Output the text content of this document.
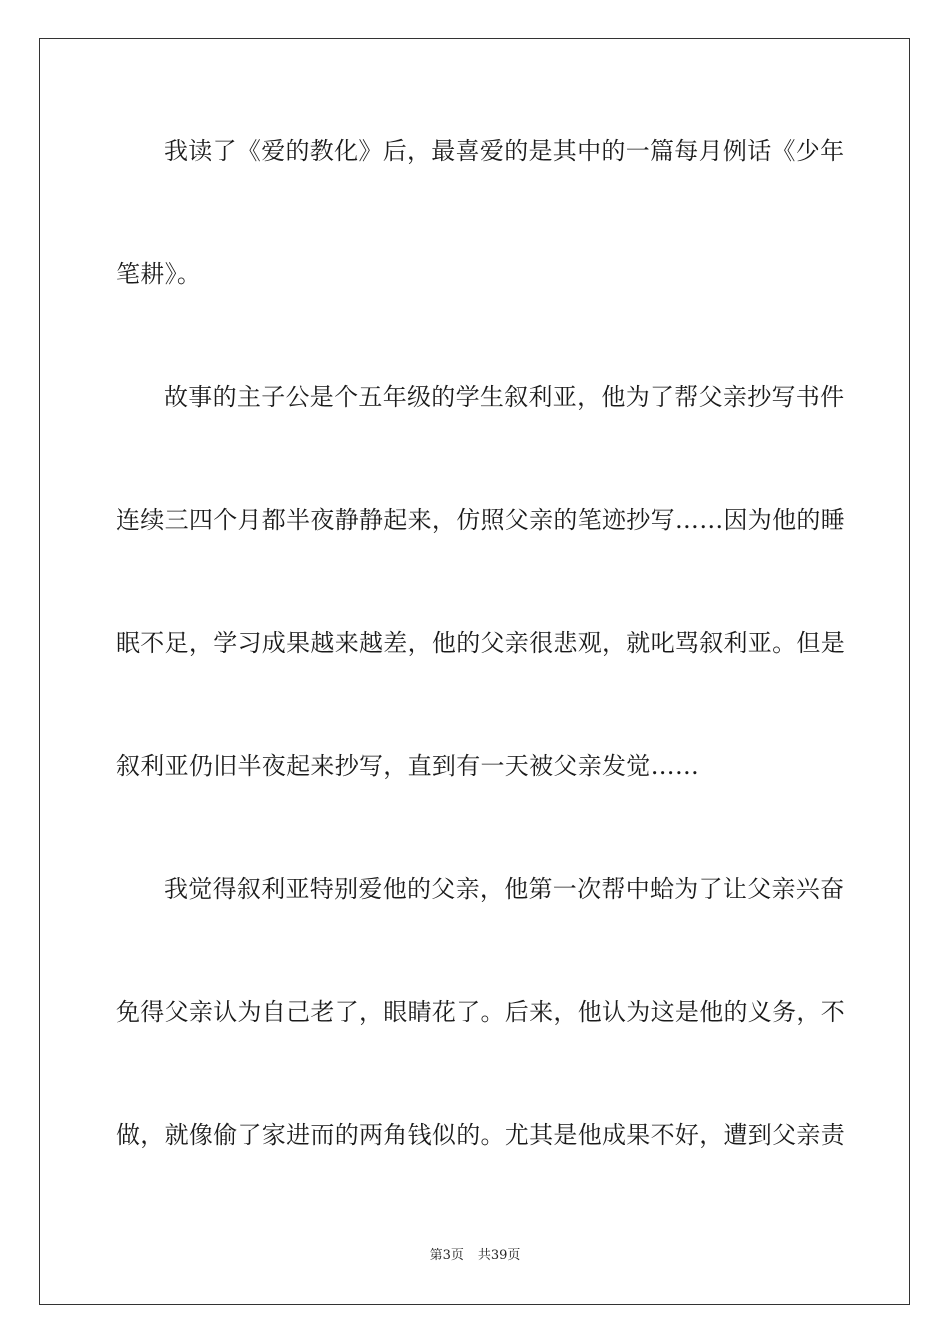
我读了《爱的教化》后，最喜爱的是其中的一篇每月例话《少年
笔耕》。
故事的主子公是个五年级的学生叙利亚，他为了帮父亲抄写书件
连续三四个月都半夜静静起来，仿照父亲的笔迹抄写……因为他的睡
眠不足，学习成果越来越差，他的父亲很悲观，就叱骂叙利亚。但是
叙利亚仍旧半夜起来抄写，直到有一天被父亲发觉……
我觉得叙利亚特别爱他的父亲，他第一次帮中蛤为了让父亲兴奋
免得父亲认为自己老了，眼睛花了。后来，他认为这是他的义务，不
做，就像偷了家进而的两角钱似的。尤其是他成果不好，遭到父亲责
第3页 共39页
